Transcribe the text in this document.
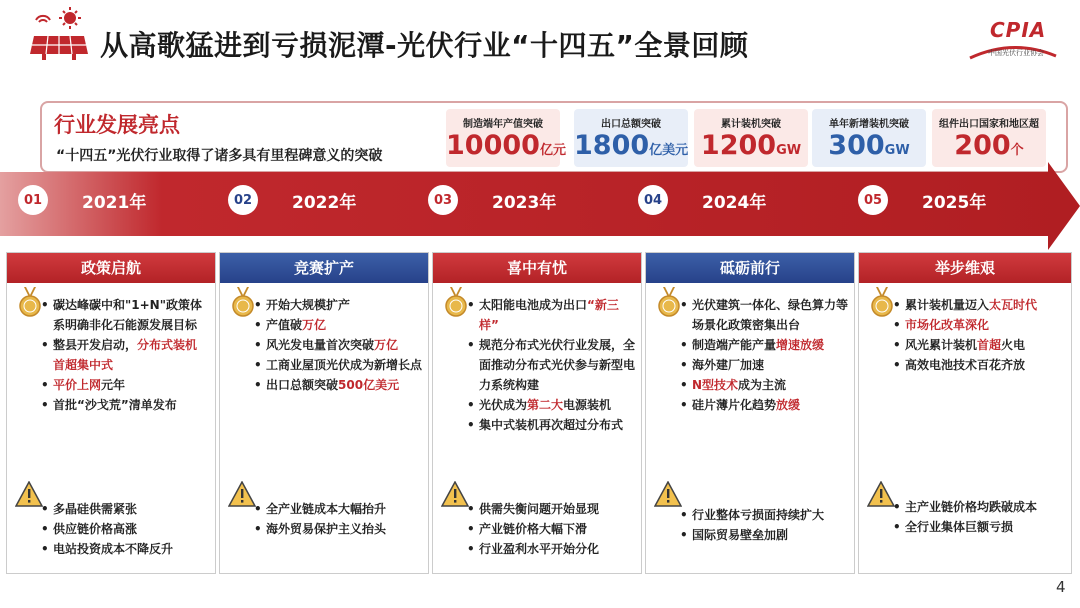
从高歌猛进到亏损泥潭-光伏行业“十四五”全景回顾	CPIA
中国光伏行业协会
行业发展亮点
“十四五”光伏行业取得了诸多具有里程碑意义的突破
制造端年产值突破
10000亿元
出口总额突破
1800亿美元
累计装机突破
1200GW
单年新增装机突破
300GW
组件出口国家和地区超
200个
01	2021年	02	2022年	03	2023年	04	2024年	05	2025年
政策启航
• 碳达峰碳中和"1+N"政策体系明确非化石能源发展目标
• 整县开发启动，分布式装机首超集中式
• 平价上网元年
• 首批“沙戈荒”清单发布
• 多晶硅供需紧张
• 供应链价格高涨
• 电站投资成本不降反升
竞赛扩产
• 开始大规模扩产
• 产值破万亿
• 风光发电量首次突破万亿
• 工商业屋顶光伏成为新增长点
• 出口总额突破500亿美元
• 全产业链成本大幅抬升
• 海外贸易保护主义抬头
喜中有忧
• 太阳能电池成为出口“新三样”
• 规范分布式光伏行业发展，全面推动分布式光伏参与新型电力系统构建
• 光伏成为第二大电源装机
• 集中式装机再次超过分布式
• 供需失衡问题开始显现
• 产业链价格大幅下滑
• 行业盈利水平开始分化
砥砺前行
• 光伏建筑一体化、绿色算力等场景化政策密集出台
• 制造端产能产量增速放缓
• 海外建厂加速
• N型技术成为主流
• 硅片薄片化趋势放缓
• 行业整体亏损面持续扩大
• 国际贸易壁垒加剧
举步维艰
• 累计装机量迈入太瓦时代
• 市场化改革深化
• 风光累计装机首超火电
• 高效电池技术百花齐放
• 主产业链价格均跌破成本
• 全行业集体巨额亏损
4
